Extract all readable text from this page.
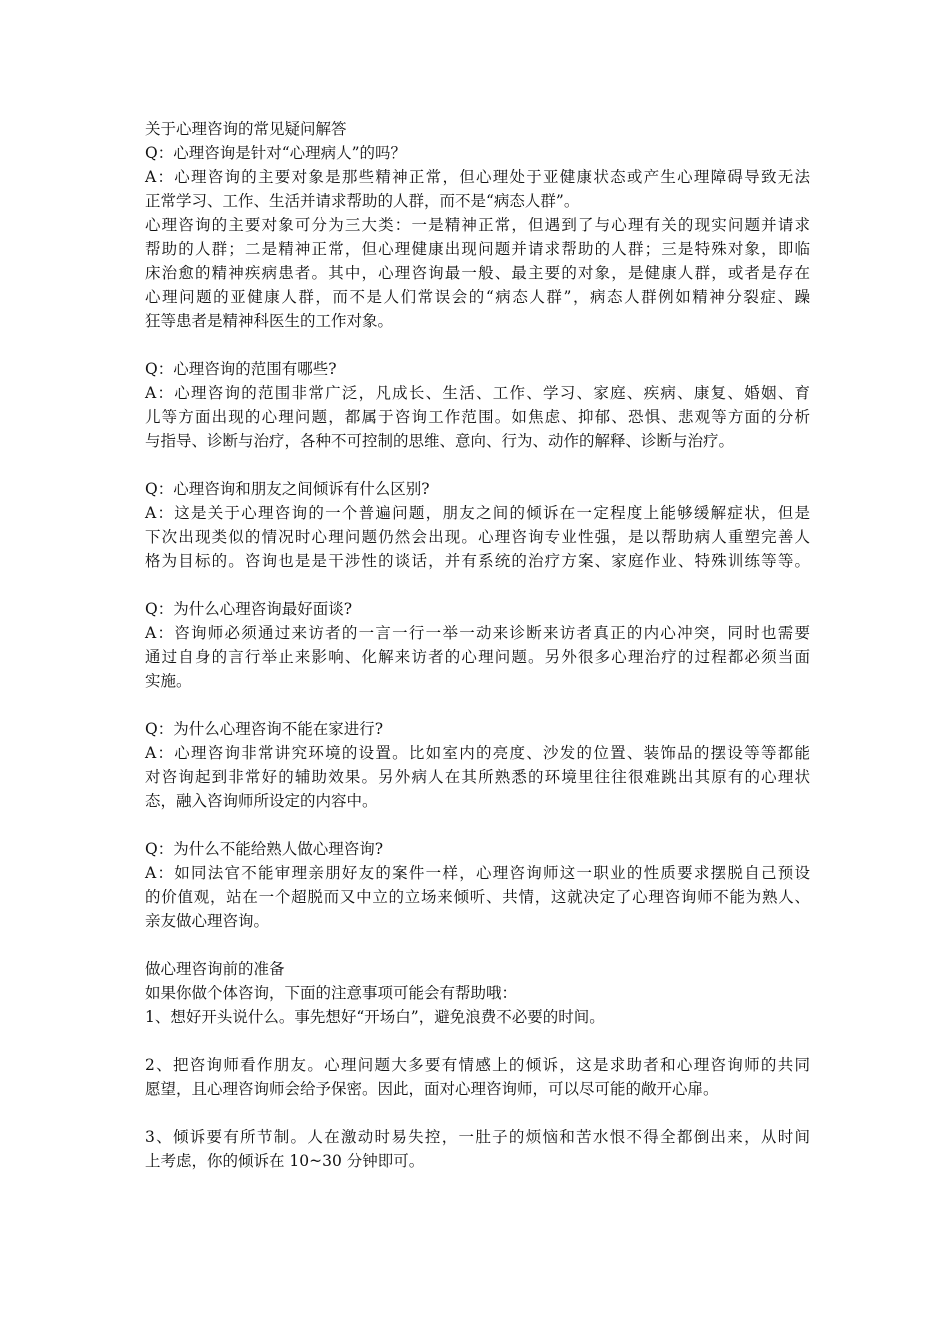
关于心理咨询的常见疑问解答

Q：心理咨询是针对“心理病人”的吗？

A：心理咨询的主要对象是那些精神正常，但心理处于亚健康状态或产生心理障碍导致无法

正常学习、工作、生活并请求帮助的人群，而不是“病态人群”。

心理咨询的主要对象可分为三大类：一是精神正常，但遇到了与心理有关的现实问题并请求

帮助的人群；二是精神正常，但心理健康出现问题并请求帮助的人群；三是特殊对象，即临

床治愈的精神疾病患者。其中，心理咨询最一般、最主要的对象，是健康人群，或者是存在

心理问题的亚健康人群，而不是人们常误会的“病态人群”，病态人群例如精神分裂症、躁

狂等患者是精神科医生的工作对象。

Q：心理咨询的范围有哪些?

A：心理咨询的范围非常广泛，凡成长、生活、工作、学习、家庭、疾病、康复、婚姻、育

儿等方面出现的心理问题，都属于咨询工作范围。如焦虑、抑郁、恐惧、悲观等方面的分析

与指导、诊断与治疗，各种不可控制的思维、意向、行为、动作的解释、诊断与治疗。

Q：心理咨询和朋友之间倾诉有什么区别?

A：这是关于心理咨询的一个普遍问题，朋友之间的倾诉在一定程度上能够缓解症状，但是

下次出现类似的情况时心理问题仍然会出现。心理咨询专业性强，是以帮助病人重塑完善人

格为目标的。咨询也是是干涉性的谈话，并有系统的治疗方案、家庭作业、特殊训练等等。

Q：为什么心理咨询最好面谈?

A：咨询师必须通过来访者的一言一行一举一动来诊断来访者真正的内心冲突，同时也需要

通过自身的言行举止来影响、化解来访者的心理问题。另外很多心理治疗的过程都必须当面

实施。

Q：为什么心理咨询不能在家进行?

A：心理咨询非常讲究环境的设置。比如室内的亮度、沙发的位置、装饰品的摆设等等都能

对咨询起到非常好的辅助效果。另外病人在其所熟悉的环境里往往很难跳出其原有的心理状

态，融入咨询师所设定的内容中。

Q：为什么不能给熟人做心理咨询?

A：如同法官不能审理亲朋好友的案件一样，心理咨询师这一职业的性质要求摆脱自己预设

的价值观，站在一个超脱而又中立的立场来倾听、共情，这就决定了心理咨询师不能为熟人、

亲友做心理咨询。

做心理咨询前的准备

如果你做个体咨询，下面的注意事项可能会有帮助哦：

1、想好开头说什么。事先想好“开场白”，避免浪费不必要的时间。

2、把咨询师看作朋友。心理问题大多要有情感上的倾诉，这是求助者和心理咨询师的共同

愿望，且心理咨询师会给予保密。因此，面对心理咨询师，可以尽可能的敞开心扉。

3、倾诉要有所节制。人在激动时易失控，一肚子的烦恼和苦水恨不得全都倒出来，从时间

上考虑，你的倾诉在 10~30 分钟即可。
